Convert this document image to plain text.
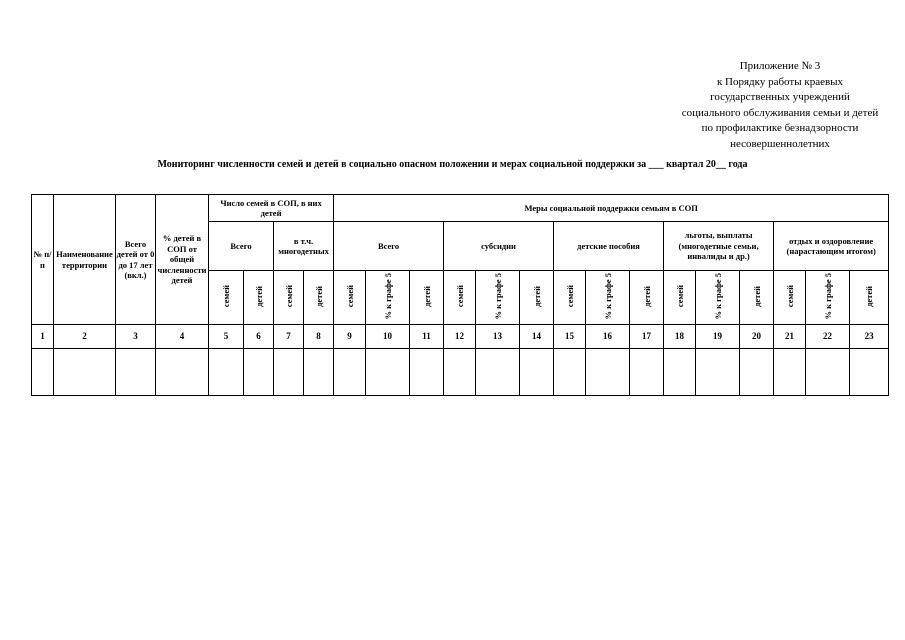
Приложение № 3
к Порядку работы краевых
государственных учреждений
социального обслуживания семьи и детей
по профилактике безнадзорности
несовершеннолетних
Мониторинг численности семей и детей в социально опасном положении и мерах социальной поддержки за ___ квартал 20__ года
№ п/п	Наименование территории	Всего детей от 0 до 17 лет (вкл.)	% детей в СОП от общей численности детей	Число семей в СОП, в них детей				Меры социальной поддержки семьям в СОП														
				Всего		в т.ч. многодетных		Всего			субсидии			детские пособия			льготы, выплаты (многодетные семьи, инвалиды и др.)			отдых и оздоровление (нарастающим итогом)		
				семей	детей	семей	детей	семей	% к графе 5	детей	семей	% к графе 5	детей	семей	% к графе 5	детей	семей	% к графе 5	детей	семей	% к графе 5	детей
1	2	3	4	5	6	7	8	9	10	11	12	13	14	15	16	17	18	19	20	21	22	23
